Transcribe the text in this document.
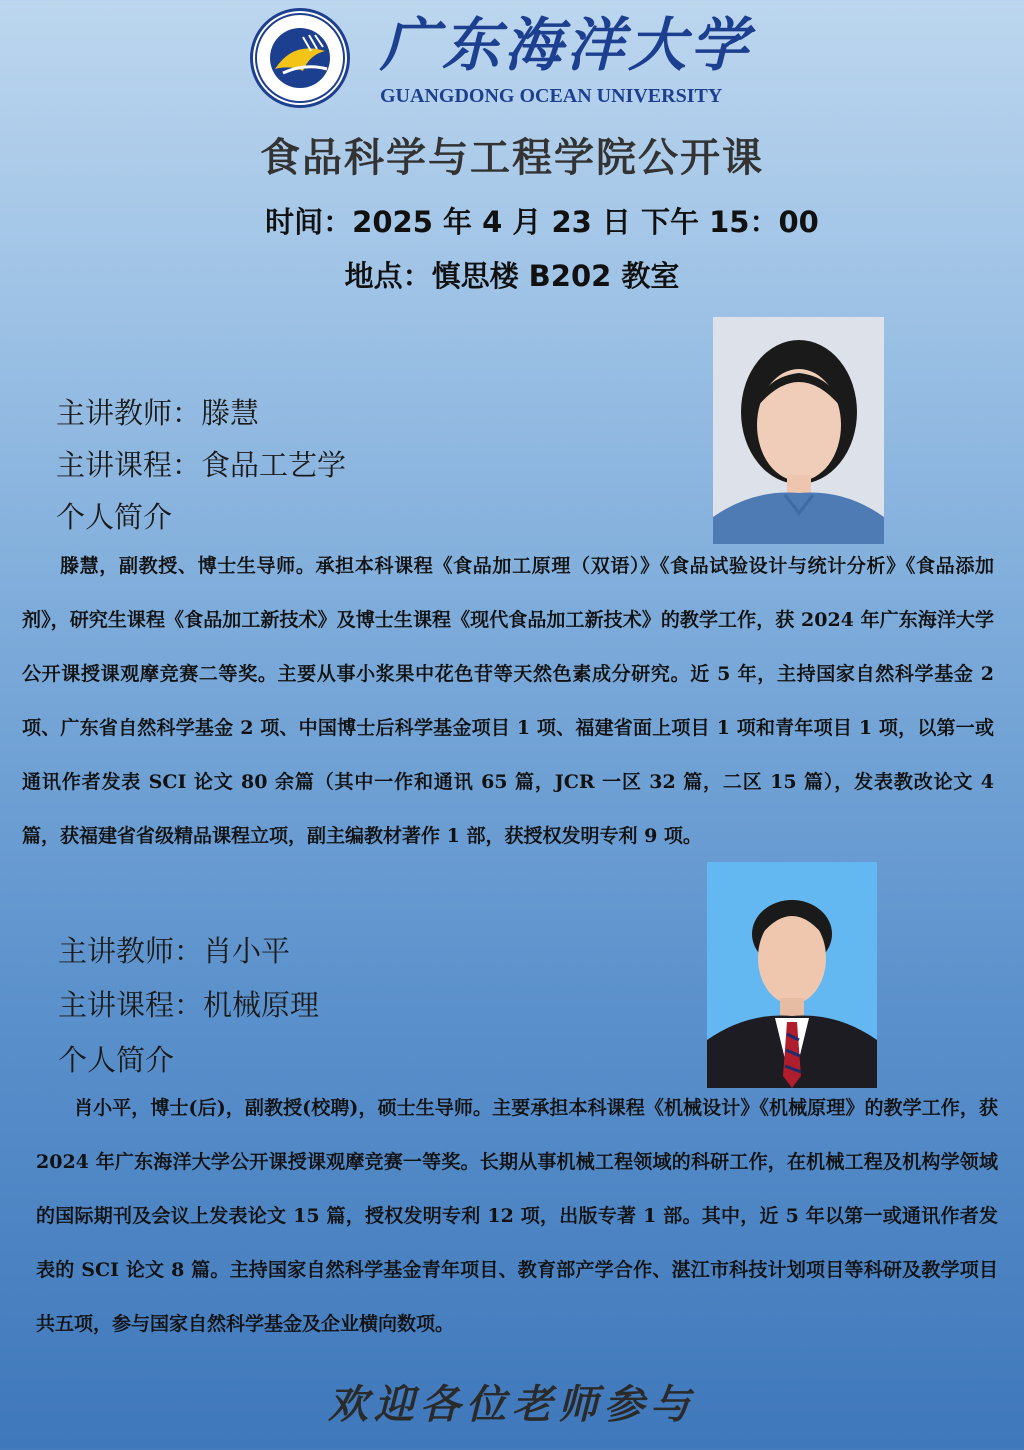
广东海洋大学
GUANGDONG OCEAN UNIVERSITY
食品科学与工程学院公开课
时间：2025 年 4 月 23 日 下午 15：00
地点：慎思楼 B202 教室
主讲教师：滕慧
主讲课程：食品工艺学
个人简介
滕慧，副教授、博士生导师。承担本科课程《食品加工原理（双语）》《食品试验设计与统计分析》《食品添加剂》，研究生课程《食品加工新技术》及博士生课程《现代食品加工新技术》的教学工作，获 2024 年广东海洋大学公开课授课观摩竞赛二等奖。主要从事小浆果中花色苷等天然色素成分研究。近 5 年，主持国家自然科学基金 2 项、广东省自然科学基金 2 项、中国博士后科学基金项目 1 项、福建省面上项目 1 项和青年项目 1 项，以第一或通讯作者发表 SCI 论文 80 余篇（其中一作和通讯 65 篇，JCR 一区 32 篇，二区 15 篇），发表教改论文 4 篇，获福建省省级精品课程立项，副主编教材著作 1 部，获授权发明专利 9 项。
主讲教师：肖小平
主讲课程：机械原理
个人简介
肖小平，博士(后)，副教授(校聘)，硕士生导师。主要承担本科课程《机械设计》《机械原理》的教学工作，获 2024 年广东海洋大学公开课授课观摩竞赛一等奖。长期从事机械工程领域的科研工作，在机械工程及机构学领域的国际期刊及会议上发表论文 15 篇，授权发明专利 12 项，出版专著 1 部。其中，近 5 年以第一或通讯作者发表的 SCI 论文 8 篇。主持国家自然科学基金青年项目、教育部产学合作、湛江市科技计划项目等科研及教学项目共五项，参与国家自然科学基金及企业横向数项。
欢迎各位老师参与
